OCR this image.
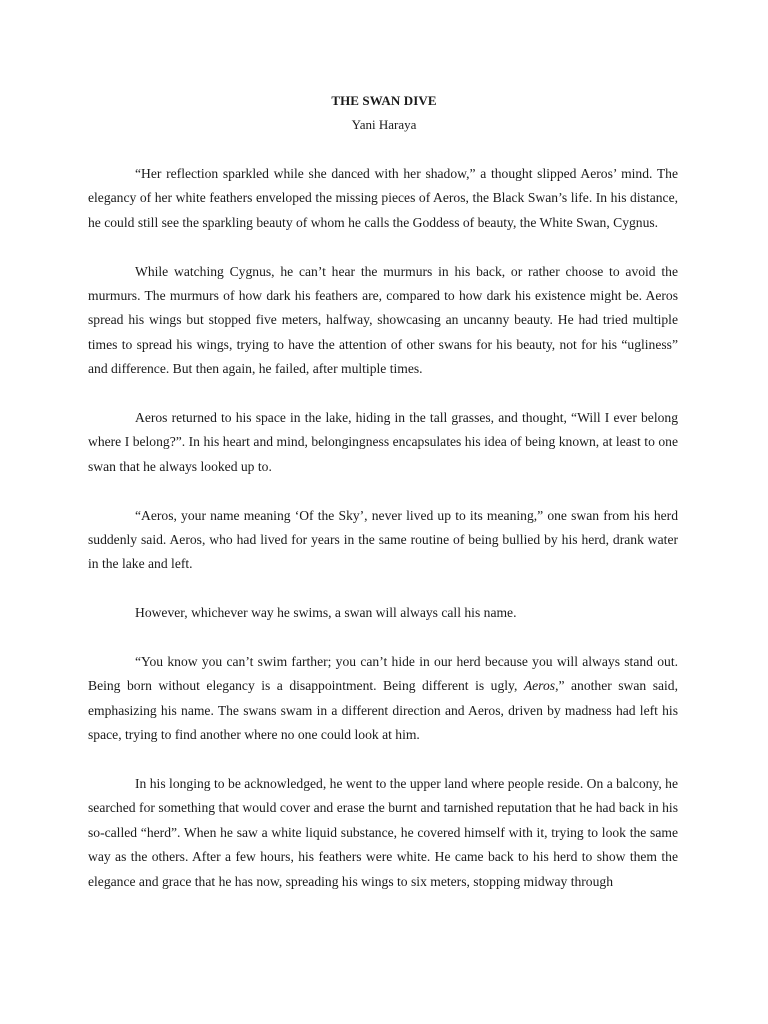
THE SWAN DIVE
Yani Haraya

“Her reflection sparkled while she danced with her shadow,” a thought slipped Aeros’ mind. The elegancy of her white feathers enveloped the missing pieces of Aeros, the Black Swan’s life. In his distance, he could still see the sparkling beauty of whom he calls the Goddess of beauty, the White Swan, Cygnus.

While watching Cygnus, he can’t hear the murmurs in his back, or rather choose to avoid the murmurs. The murmurs of how dark his feathers are, compared to how dark his existence might be. Aeros spread his wings but stopped five meters, halfway, showcasing an uncanny beauty. He had tried multiple times to spread his wings, trying to have the attention of other swans for his beauty, not for his “ugliness” and difference. But then again, he failed, after multiple times.

Aeros returned to his space in the lake, hiding in the tall grasses, and thought, “Will I ever belong where I belong?”. In his heart and mind, belongingness encapsulates his idea of being known, at least to one swan that he always looked up to.

“Aeros, your name meaning ‘Of the Sky’, never lived up to its meaning,” one swan from his herd suddenly said. Aeros, who had lived for years in the same routine of being bullied by his herd, drank water in the lake and left.

However, whichever way he swims, a swan will always call his name.

“You know you can’t swim farther; you can’t hide in our herd because you will always stand out. Being born without elegancy is a disappointment. Being different is ugly, Aeros,” another swan said, emphasizing his name. The swans swam in a different direction and Aeros, driven by madness had left his space, trying to find another where no one could look at him.

In his longing to be acknowledged, he went to the upper land where people reside. On a balcony, he searched for something that would cover and erase the burnt and tarnished reputation that he had back in his so-called “herd”. When he saw a white liquid substance, he covered himself with it, trying to look the same way as the others. After a few hours, his feathers were white. He came back to his herd to show them the elegance and grace that he has now, spreading his wings to six meters, stopping midway through
